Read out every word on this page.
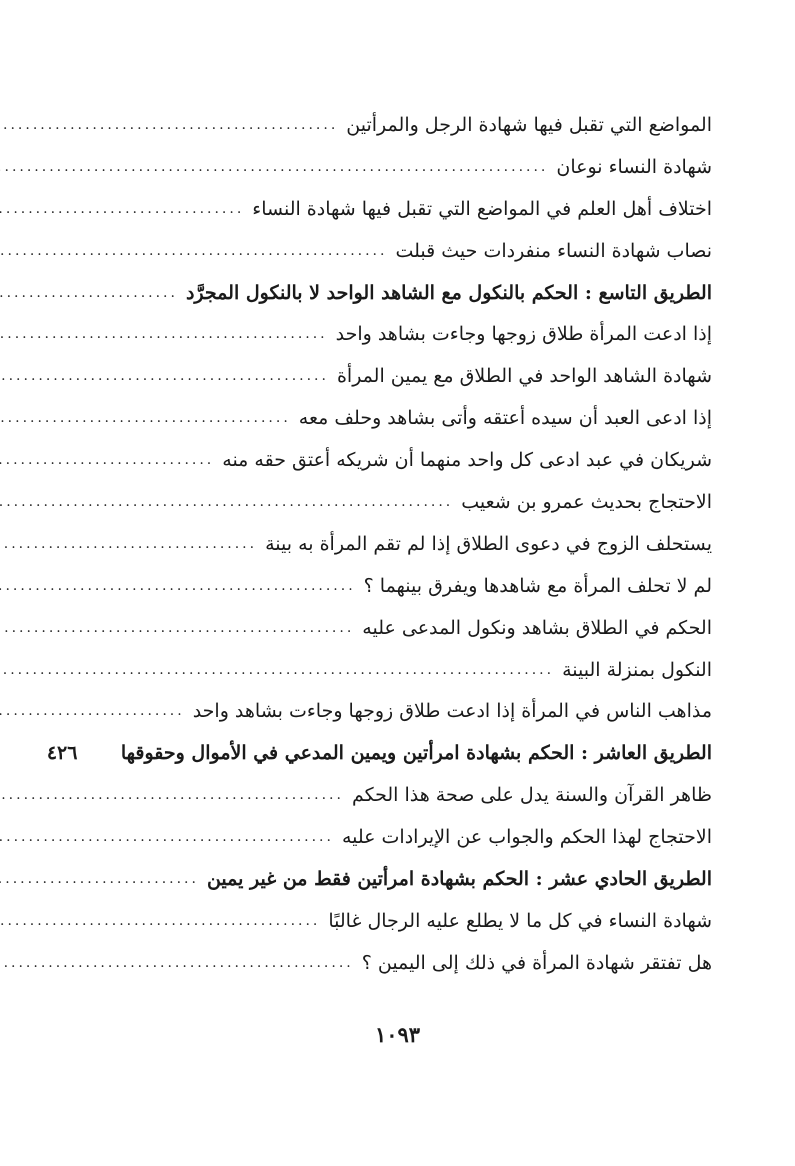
المواضع التي تقبل فيها شهادة الرجل والمرأتين
.....
شهادة النساء نوعان
.....
اختلاف أهل العلم في المواضع التي تقبل فيها شهادة النساء
.....
نصاب شهادة النساء منفردات حيث قبلت
.....
الطريق التاسع : الحكم بالنكول مع الشاهد الواحد لا بالنكول المجرَّد
.....
إذا ادعت المرأة طلاق زوجها وجاءت بشاهد واحد
.....
شهادة الشاهد الواحد في الطلاق مع يمين المرأة
.....
إذا ادعى العبد أن سيده أعتقه وأتى بشاهد وحلف معه
.....
شريكان في عبد ادعى كل واحد منهما أن شريكه أعتق حقه منه
.....
الاحتجاج بحديث عمرو بن شعيب
.....
يستحلف الزوج في دعوى الطلاق إذا لم تقم المرأة به بينة
.....
لم لا تحلف المرأة مع شاهدها ويفرق بينهما ؟
.....
الحكم في الطلاق بشاهد ونكول المدعى عليه
.....
النكول بمنزلة البينة
.....
مذاهب الناس في المرأة إذا ادعت طلاق زوجها وجاءت بشاهد واحد
.....
الطريق العاشر : الحكم بشهادة امرأتين ويمين المدعي في الأموال وحقوقها
٤٢٦
ظاهر القرآن والسنة يدل على صحة هذا الحكم
.....
الاحتجاج لهذا الحكم والجواب عن الإيرادات عليه
.....
الطريق الحادي عشر : الحكم بشهادة امرأتين فقط من غير يمين
.....
شهادة النساء في كل ما لا يطلع عليه الرجال غالبًا
.....
هل تفتقر شهادة المرأة في ذلك إلى اليمين ؟
.....
١٠٩٣
